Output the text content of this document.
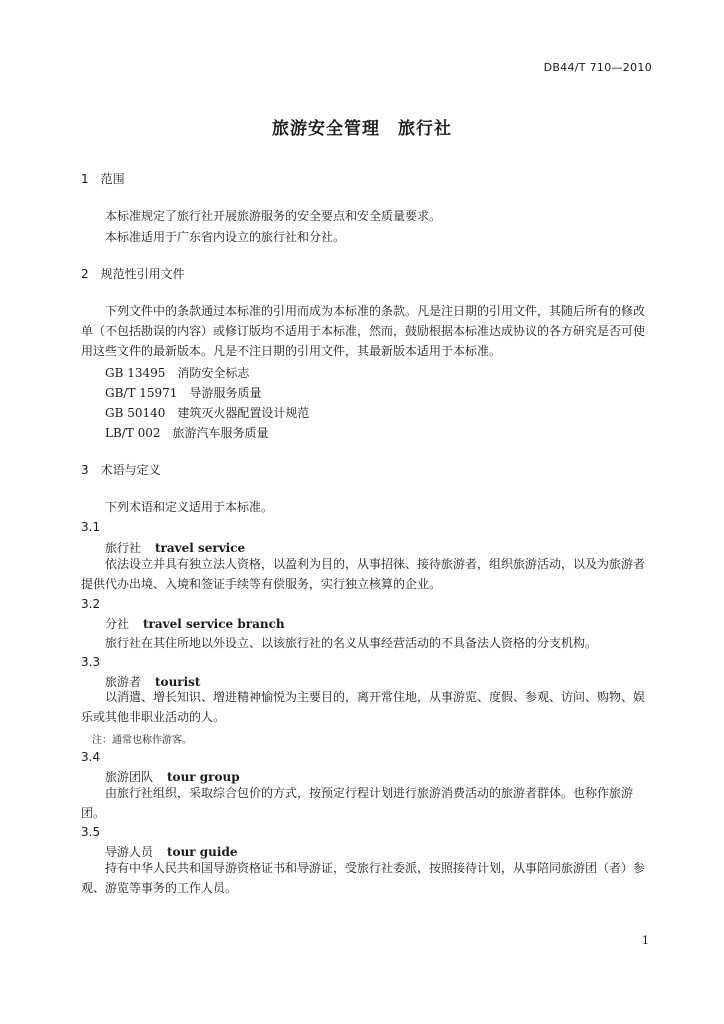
DB44/T 710—2010
旅游安全管理　旅行社
1　范围
本标准规定了旅行社开展旅游服务的安全要点和安全质量要求。
本标准适用于广东省内设立的旅行社和分社。
2　规范性引用文件
下列文件中的条款通过本标准的引用而成为本标准的条款。凡是注日期的引用文件，其随后所有的修改单（不包括勘误的内容）或修订版均不适用于本标准，然而，鼓励根据本标准达成协议的各方研究是否可使用这些文件的最新版本。凡是不注日期的引用文件，其最新版本适用于本标准。
GB 13495　消防安全标志
GB/T 15971　导游服务质量
GB 50140　建筑灭火器配置设计规范
LB/T 002　旅游汽车服务质量
3　术语与定义
下列术语和定义适用于本标准。
3.1
旅行社 travel service
依法设立并具有独立法人资格，以盈利为目的，从事招徕、接待旅游者，组织旅游活动，以及为旅游者提供代办出境、入境和签证手续等有偿服务，实行独立核算的企业。
3.2
分社 travel service branch
旅行社在其住所地以外设立、以该旅行社的名义从事经营活动的不具备法人资格的分支机构。
3.3
旅游者 tourist
以消遣、增长知识、增进精神愉悦为主要目的，离开常住地，从事游览、度假、参观、访问、购物、娱乐或其他非职业活动的人。
注：通常也称作游客。
3.4
旅游团队 tour group
由旅行社组织，采取综合包价的方式，按预定行程计划进行旅游消费活动的旅游者群体。也称作旅游团。
3.5
导游人员 tour guide
持有中华人民共和国导游资格证书和导游证，受旅行社委派，按照接待计划，从事陪同旅游团（者）参观、游览等事务的工作人员。
1
